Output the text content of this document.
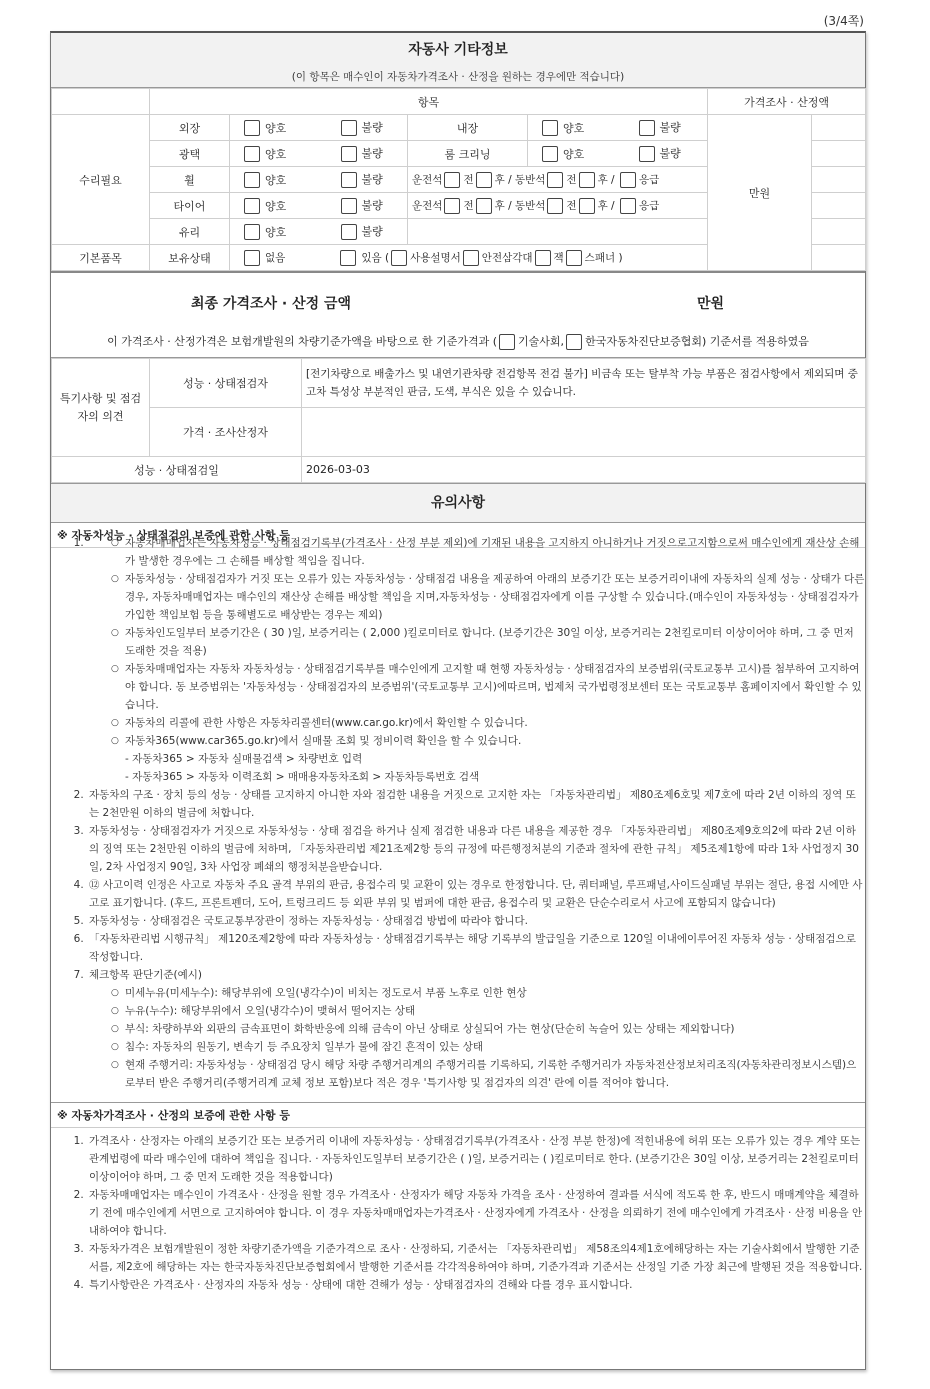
(3/4쪽)
자동사 기타정보
(이 항목은 매수인이 자동차가격조사 · 산정을 원하는 경우에만 적습니다)
	항목				가격조사 · 산정액	
수리필요	외장	양호 불량	내장	양호 불량	만원	
	광택	양호 불량	룸 크리닝	양호 불량		
	휠	양호 불량	운전석 전 후 / 동반석 전 후 / 응급			
	타이어	양호 불량	운전석 전 후 / 동반석 전 후 / 응급			
	유리	양호 불량				
기본품목	보유상태	없음 있음 ( 사용설명서 안전삼각대 잭 스패너 )				
최종 가격조사 · 산정 금액	만원
이 가격조사 · 산정가격은 보험개발원의 차량기준가액을 바탕으로 한 기준가격과 ( 기술사회, 한국자동차진단보증협회) 기준서를 적용하였음
특기사항 및 점검자의 의견	성능 · 상태점검자	[전기차량으로 배출가스 및 내연기관차량 전검항목 전검 불가] 비금속 또는 탈부착 가능 부품은 점검사항에서 제외되며 중고차 특성상 부분적인 판금, 도색, 부식은 있을 수 있습니다.
	가격 · 조사산정자	
성능 · 상태점검일		2026-03-03
유의사항
※ 자동차성능 · 상태점검의 보증에 관한 사항 등
○ 1. 자동차매매업자는 자동차성능 · 상태점검기록부(가격조사 · 산정 부분 제외)에 기재된 내용을 고지하지 아니하거나 거짓으로고지함으로써 매수인에게 재산상 손해가 발생한 경우에는 그 손해를 배상할 책임을 집니다.
○ 자동차성능 · 상태점검자가 거짓 또는 오류가 있는 자동차성능 · 상태점검 내용을 제공하여 아래의 보증기간 또는 보증거리이내에 자동차의 실제 성능 · 상태가 다른 경우, 자동차매매업자는 매수인의 재산상 손해를 배상할 책임을 지며,자동차성능 · 상태점검자에게 이를 구상할 수 있습니다.(매수인이 자동차성능 · 상태점검자가 가입한 책임보험 등을 통해별도로 배상받는 경우는 제외)
○ 자동차인도일부터 보증기간은 ( 30 )일, 보증거리는 ( 2,000 )킬로미터로 합니다. (보증기간은 30일 이상, 보증거리는 2천킬로미터 이상이어야 하며, 그 중 먼저 도래한 것을 적용)
○ 자동차매매업자는 자동차 자동차성능 · 상태점검기록부를 매수인에게 고지할 때 현행 자동차성능 · 상태점검자의 보증범위(국토교통부 고시)를 첨부하여 고지하여야 합니다. 동 보증범위는 '자동차성능 · 상태점검자의 보증범위'(국토교통부 고시)에따르며, 법제처 국가법령정보센터 또는 국토교통부 홈페이지에서 확인할 수 있습니다.
○ 자동차의 리콜에 관한 사항은 자동차리콜센터(www.car.go.kr)에서 확인할 수 있습니다.
○ 자동차365(www.car365.go.kr)에서 실매물 조회 및 정비이력 확인을 할 수 있습니다.
- 자동차365 > 자동차 실매물검색 > 차량번호 입력
- 자동차365 > 자동차 이력조회 > 매매용자동차조회 > 자동차등록번호 검색
2. 자동차의 구조 · 장치 등의 성능 · 상태를 고지하지 아니한 자와 점검한 내용을 거짓으로 고지한 자는 「자동차관리법」 제80조제6호및 제7호에 따라 2년 이하의 징역 또는 2천만원 이하의 벌금에 처합니다.
3. 자동차성능 · 상태점검자가 거짓으로 자동차성능 · 상태 점검을 하거나 실제 점검한 내용과 다른 내용을 제공한 경우 「자동차관리법」 제80조제9호의2에 따라 2년 이하의 징역 또는 2천만원 이하의 벌금에 처하며, 「자동차관리법 제21조제2항 등의 규정에 따른행정처분의 기준과 절차에 관한 규칙」 제5조제1항에 따라 1차 사업정지 30일, 2차 사업정지 90일, 3차 사업장 폐쇄의 행정처분을받습니다.
4. ⑫ 사고이력 인정은 사고로 자동차 주요 골격 부위의 판금, 용접수리 및 교환이 있는 경우로 한정합니다. 단, 쿼터패널, 루프패널,사이드실패널 부위는 절단, 용접 시에만 사고로 표기합니다. (후드, 프론트펜더, 도어, 트렁크리드 등 외판 부위 및 범퍼에 대한 판금, 용접수리 및 교환은 단순수리로서 사고에 포함되지 않습니다)
5. 자동차성능 · 상태점검은 국토교통부장관이 정하는 자동차성능 · 상태점검 방법에 따라야 합니다.
6. 「자동차관리법 시행규칙」 제120조제2항에 따라 자동차성능 · 상태점검기록부는 해당 기록부의 발급일을 기준으로 120일 이내에이루어진 자동차 성능 · 상태점검으로 작성합니다.
7. 체크항목 판단기준(예시)
○ 미세누유(미세누수): 해당부위에 오일(냉각수)이 비치는 정도로서 부품 노후로 인한 현상
○ 누유(누수): 해당부위에서 오일(냉각수)이 맺혀서 떨어지는 상태
○ 부식: 차량하부와 외판의 금속표면이 화학반응에 의해 금속이 아닌 상태로 상실되어 가는 현상(단순히 녹슬어 있는 상태는 제외합니다)
○ 침수: 자동차의 원동기, 변속기 등 주요장치 일부가 물에 잠긴 흔적이 있는 상태
○ 현재 주행거리: 자동차성능 · 상태점검 당시 해당 차량 주행거리계의 주행거리를 기록하되, 기록한 주행거리가 자동차전산정보처리조직(자동차관리정보시스템)으로부터 받은 주행거리(주행거리계 교체 정보 포함)보다 적은 경우 '특기사항 및 점검자의 의견' 란에 이를 적어야 합니다.
※ 자동차가격조사 · 산정의 보증에 관한 사항 등
1. 가격조사 · 산정자는 아래의 보증기간 또는 보증거리 이내에 자동차성능 · 상태점검기록부(가격조사 · 산정 부분 한정)에 적힌내용에 허위 또는 오류가 있는 경우 계약 또는 관계법령에 따라 매수인에 대하여 책임을 집니다. · 자동차인도일부터 보증기간은 ( )일, 보증거리는 ( )킬로미터로 한다. (보증기간은 30일 이상, 보증거리는 2천킬로미터 이상이어야 하며, 그 중 먼저 도래한 것을 적용합니다)
2. 자동차매매업자는 매수인이 가격조사 · 산정을 원할 경우 가격조사 · 산정자가 해당 자동차 가격을 조사 · 산정하여 결과를 서식에 적도록 한 후, 반드시 매매계약을 체결하기 전에 매수인에게 서면으로 고지하여야 합니다. 이 경우 자동차매매업자는가격조사 · 산정자에게 가격조사 · 산정을 의뢰하기 전에 매수인에게 가격조사 · 산정 비용을 안내하여야 합니다.
3. 자동차가격은 보험개발원이 정한 차량기준가액을 기준가격으로 조사 · 산정하되, 기준서는 「자동차관리법」 제58조의4제1호에해당하는 자는 기술사회에서 발행한 기준서를, 제2호에 해당하는 자는 한국자동차진단보증협회에서 발행한 기준서를 각각적용하여야 하며, 기준가격과 기준서는 산정일 기준 가장 최근에 발행된 것을 적용합니다.
4. 특기사항란은 가격조사 · 산정자의 자동차 성능 · 상태에 대한 견해가 성능 · 상태점검자의 견해와 다를 경우 표시합니다.
